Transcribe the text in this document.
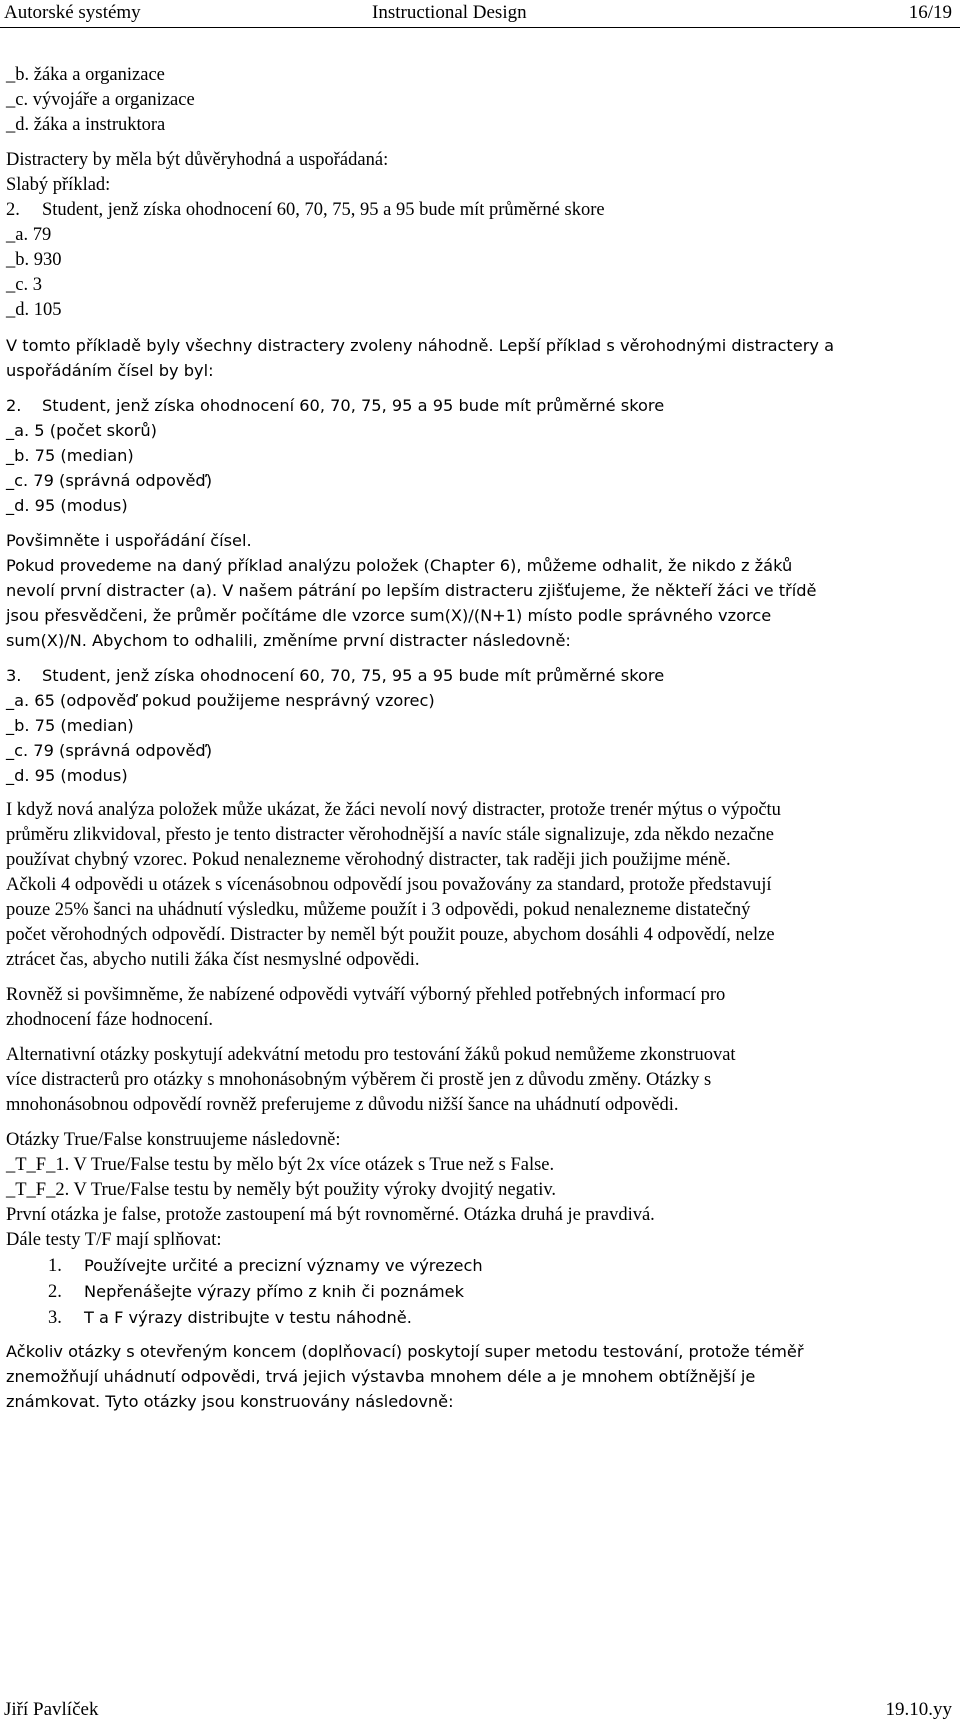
Autorské systémy	Instructional Design	16/19
_b. žáka a organizace
_c. vývojáře a organizace
_d. žáka a instruktora

Distractery by měla být důvěryhodná a uspořádaná:

Slabý příklad:

2. Student, jenž získa ohodnocení 60, 70, 75, 95 a 95 bude mít průměrné skore

_a. 79
_b. 930
_c. 3
_d. 105
V tomto příkladě byly všechny distractery zvoleny náhodně. Lepší příklad s věrohodnými distractery a
uspořádáním čísel by byl:

2. Student, jenž získa ohodnocení 60, 70, 75, 95 a 95 bude mít průměrné skore

_a. 5 (počet skorů)
_b. 75 (median)
_c. 79 (správná odpověď)
_d. 95 (modus)

Povšimněte i uspořádání čísel.

Pokud provedeme na daný příklad analýzu položek (Chapter 6), můžeme odhalit, že nikdo z žáků
nevolí první distracter (a). V našem pátrání po lepším distracteru zjišťujeme, že někteří žáci ve třídě
jsou přesvědčeni, že průměr počítáme dle vzorce sum(X)/(N+1) místo podle správného vzorce
sum(X)/N. Abychom to odhalili, změníme první distracter následovně:

3. Student, jenž získa ohodnocení 60, 70, 75, 95 a 95 bude mít průměrné skore

_a. 65 (odpověď pokud použijeme nesprávný vzorec)
_b. 75 (median)
_c. 79 (správná odpověď)
_d. 95 (modus)
I když nová analýza položek může ukázat, že žáci nevolí nový distracter, protože trenér mýtus o výpočtu
průměru zlikvidoval, přesto je tento distracter věrohodnější a navíc stále signalizuje, zda někdo nezačne
používat chybný vzorec. Pokud nenalezneme věrohodný distracter, tak raději jich použijme méně.
Ačkoli 4 odpovědi u otázek s vícenásobnou odpovědí jsou považovány za standard, protože představují
pouze 25% šanci na uhádnutí výsledku, můžeme použít i 3 odpovědi, pokud nenalezneme distatečný
počet věrohodných odpovědí. Distracter by neměl být použit pouze, abychom dosáhli 4 odpovědí, nelze
ztrácet čas, abycho nutili žáka číst nesmyslné odpovědi.
Rovněž si povšimněme, že nabízené odpovědi vytváří výborný přehled potřebných informací pro
zhodnocení fáze hodnocení.
Alternativní otázky poskytují adekvátní metodu pro testování žáků pokud nemůžeme zkonstruovat
více distracterů pro otázky s mnohonásobným výběrem či prostě jen z důvodu změny. Otázky s
mnohonásobnou odpovědí rovněž preferujeme z důvodu nižší šance na uhádnutí odpovědi.

Otázky True/False konstruujeme následovně:

_T_F_1. V True/False testu by mělo být 2x více otázek s True než s False.

_T_F_2. V True/False testu by neměly být použity výroky dvojitý negativ.

První otázka je false, protože zastoupení má být rovnoměrné. Otázka druhá je pravdivá.

Dále testy T/F mají splňovat:
1. Používejte určité a precizní významy ve výrezech
2. Nepřenášejte výrazy přímo z knih či poznámek
3. T a F výrazy distribujte v testu náhodně.
Ačkoliv otázky s otevřeným koncem (doplňovací) poskytojí super metodu testování, protože téměř
znemožňují uhádnutí odpovědi, trvá jejich výstavba mnohem déle a je mnohem obtížnější je
známkovat. Tyto otázky jsou konstruovány následovně:
Jiří Pavlíček	19.10.yy
